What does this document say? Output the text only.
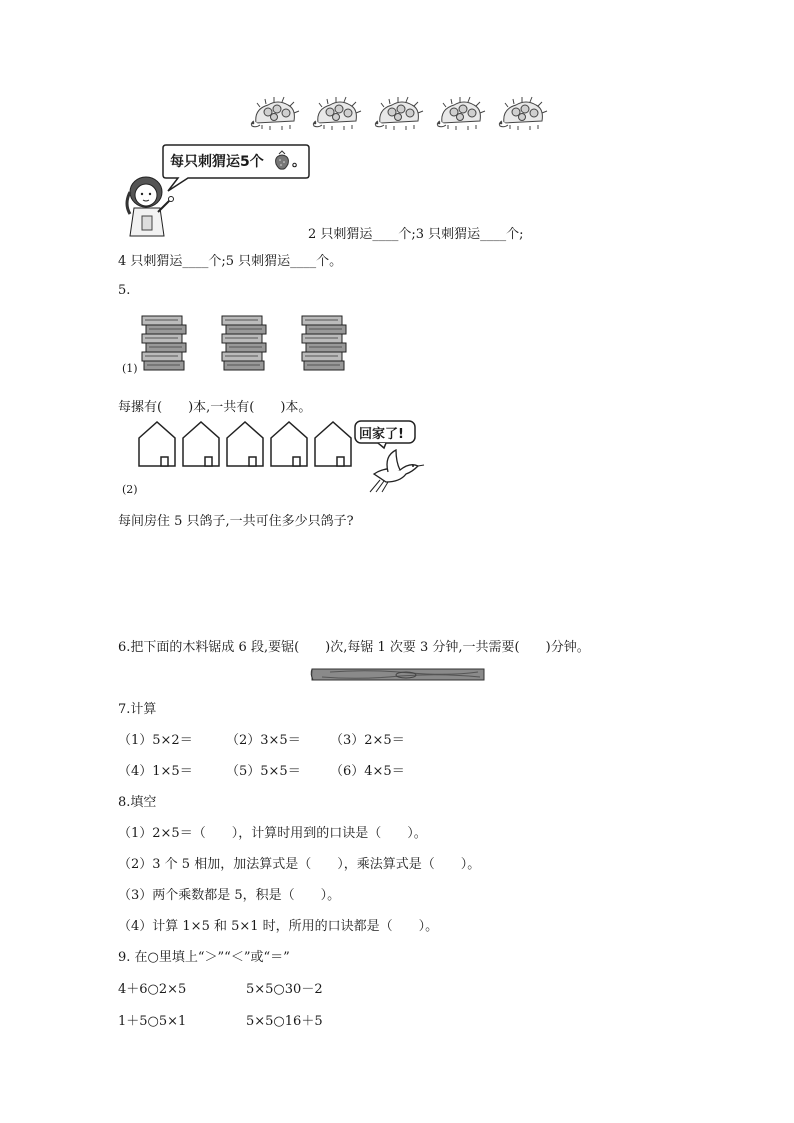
每只刺猬运5个 。
2 只刺猬运____个;3 只刺猬运____个;
4 只刺猬运____个;5 只刺猬运____个。
5.
(1)
每摞有(　　)本,一共有(　　)本。
回家了!
(2)
每间房住 5 只鸽子,一共可住多少只鸽子?
6.把下面的木料锯成 6 段,要锯(　　)次,每锯 1 次要 3 分钟,一共需要(　　)分钟。
7.计算
（1）5×2＝	（2）3×5＝ （3）2×5＝
（4）1×5＝	（5）5×5＝ （6）4×5＝
8.填空
（1）2×5＝（　　），计算时用到的口诀是（　　）。
（2）3 个 5 相加，加法算式是（　　），乘法算式是（　　）。
（3）两个乘数都是 5，积是（　　）。
（4）计算 1×5 和 5×1 时，所用的口诀都是（　　）。
9. 在○里填上“＞”“＜”或“＝”
4＋6○2×5	5×5○30－2
1＋5○5×1	5×5○16＋5
